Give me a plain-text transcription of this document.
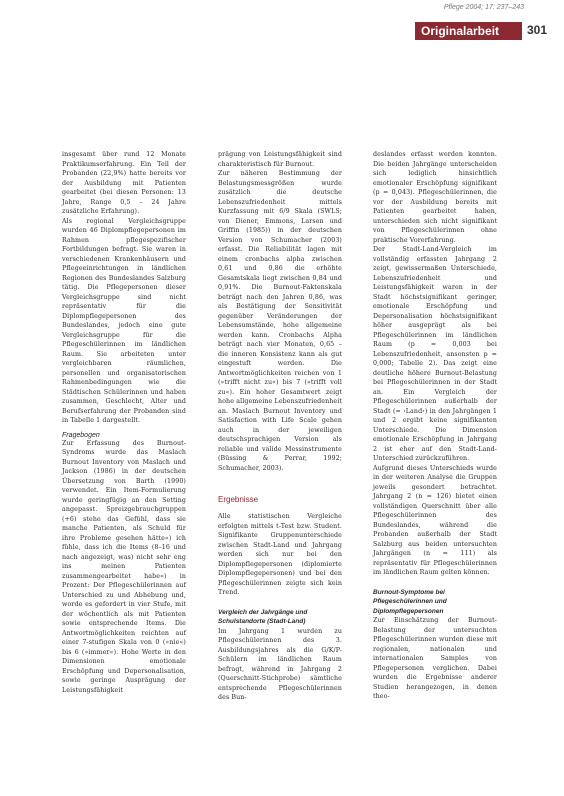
Pflege 2004; 17: 237–243
Originalarbeit 301

insgesamt über rund 12 Monate Praktikumserfahrung. Ein Teil der Probanden (22,9%) hatte bereits vor der Ausbildung mit Patienten gearbeitet (bei diesen Personen: 13 Jahre, Range 0,5 – 24 Jahre zusätzliche Erfahrung).
Als regional Vergleichsgruppe wurden 46 Diplompflegepersonen im Rahmen pflegespezifischer Fortbildungen befragt. Sie waren in verschiedenen Krankenhäusern und Pflegeeinrichtungen in ländlichen Regionen des Bundeslandes Salzburg tätig. Die Pflegepersonen dieser Vergleichsgruppe sind nicht repräsentativ für die Diplompflegepersonen des Bundeslandes, jedoch eine gute Vergleichsgruppe für die Pflegeschülerinnen im ländlichen Raum. Sie arbeiteten unter vergleichbaren räumlichen, personellen und organisatorischen Rahmenbedingungen wie die Städtischen Schülerinnen und haben zusammen, Geschlecht, Alter und Berufserfahrung der Probanden sind in Tabelle 1 dargestellt.

Fragebogen

Zur Erfassung des Burnout-Syndroms wurde das Maslach Burnout Inventory von Maslach und Jackson (1986) in der deutschen Übersetzung von Barth (1990) verwendet. Ein Item-Formulierung wurde geringfügig an den Setting angepasst. Spreizgebrauchgruppen (+6) stehe das Gefühl, dass sie manche Patienten, als Schuld für ihre Probleme gesehen hätte«) ich fühle, dass ich die Items (8–16 und nach angezeigt, was) nicht sehr eng ins meinen Patienten zusammengearbeitet habe«) in Prozent: Der Pflegeschülerinnen auf Unterschied zu und Abhebung und, worde es gefordert in vier Stufe, mit der wöchentlich als mit Patienten sowie entsprechende Items. Die Antwortmöglichkeiten reichten auf einer 7-stufigen Skala von 0 (»nie«) bis 6 (»immer«). Hohe Werte in den Dimensionen emotionale Erschöpfung und Depersonalisation, sowie geringe Ausprägung der Leistungsfähigkeit

prägung von Leistungsfähigkeit sind charakteristisch für Burnout.
Zur näheren Bestimmung der Belastungsmessgrößen wurde zusätzlich die deutsche Lebenszufriedenheit mittels Kurzfassung mit 6/9 Skala (SWLS; von Diener, Emmons, Larsen und Griffin (1985)) in der deutschen Version von Schumacher (2003) erfasst. Die Reliabilität lagen mit einem cronbachs alpha zwischen 0,61 und 0,86 die erhöhte Gesamtskala liegt zwischen 0,84 und 0,91%. Die Burnout-Faktenskala beträgt nach den Jahren 0,86, was als Bestätigung der Sensitivität gegenüber Veränderungen der Lebensumstände, hohe allgemeine werden kann. Cronbachs Alpha beträgt nach vier Monaten, 0,65 – die inneren Konsistenz kann als gut eingestuft werden. Die Antwortmöglichkeiten reichen von 1 (»trifft nicht zu«) bis 7 (»trifft voll zu«). Ein hoher Gesamtwert zeigt hohe allgemeine Lebenszufriedenheit an. Maslach Burnout Inventory und Satisfaction with Life Scale gehen auch in der jeweiligen deutschsprachigen Version als reliable und valide Messinstrumente (Büssing & Perrar, 1992; Schumacher, 2003).

Ergebnisse

Alle statistischen Vergleiche erfolgten mittels t-Test bzw. Student. Signifikante Gruppenunterschiede zwischen Stadt-Land und Jahrgang werden sich nur bei den Diplompflegepersonen (diplomierte Diplompflegepersonen) und bei den Pflegeschülerinnen zeigte sich kein Trend.

Vergleich der Jahrgänge und Schulstandorte (Stadt-Land)

Im Jahrgang 1 wurden zu Pflegeschülerinnen des 3. Ausbildungsjahres als die G/K/P-Schülern im ländlichen Raum befragt, während in Jahrgang 2 (Querschnitt-Stichprobe) sämtliche entsprechende Pflegeschülerinnen des Bun-

deslandes erfasst werden konnten. Die beiden Jahrgänge unterscheiden sich lediglich hinsichtlich emotionaler Erschöpfung signifikant (p = 0,043). Pflegeschülerinnen, die vor der Ausbildung bereits mit Patienten gearbeitet haben, unterschieden sich nicht signifikant von Pflegeschülerinnen ohne praktische Vorerfahrung.
Der Stadt-Land-Vergleich im vollständig erfassten Jahrgang 2 zeigt, gewissermaßen Unterschiede, Lebenszufriedenheit und Leistungsfähigkeit waren in der Stadt höchstsignifikant geringer, emotionale Erschöpfung und Depersonalisation höchstsignifikant höher ausgeprägt als bei Pflegeschülerinnen im ländlichen Raum (p = 0,003 bei Lebenszufriedenheit, ansonsten p = 0,000; Tabelle 2). Das zeigt eine deutliche höhere Burnout-Belastung bei Pflegeschülerinnen in der Stadt an. Ein Vergleich der Pflegeschülerinnen außerhalb der Stadt (= ›Land‹) in den Jahrgängen 1 und 2 ergibt keine signifikanten Unterschiede. Die Dimension emotionale Erschöpfung in Jahrgang 2 ist eher auf den Stadt-Land-Unterschied zurückzuführen.
Aufgrund dieses Unterschieds wurde in der weiteren Analyse die Gruppen jeweils gesondert betrachtet. Jahrgang 2 (n = 126) bietet einen vollständigen Querschnitt über alle Pflegeschülerinnen des Bundeslandes, während die Probanden außerhalb der Stadt Salzburg aus beiden untersuchten Jahrgängen (n = 111) als repräsentativ für Pflegeschülerinnen im ländlichen Raum gelten können.

Burnout-Symptome bei Pflegeschülerinnen und Diplompflegepersonen

Zur Einschätzung der Burnout-Belastung der untersuchten Pflegeschülerinnen wurden diese mit regionalen, nationalen und internationalen Samples von Pflegepersonen verglichen. Dabei wurden die Ergebnisse anderer Studien herangezogen, in denen theo-
